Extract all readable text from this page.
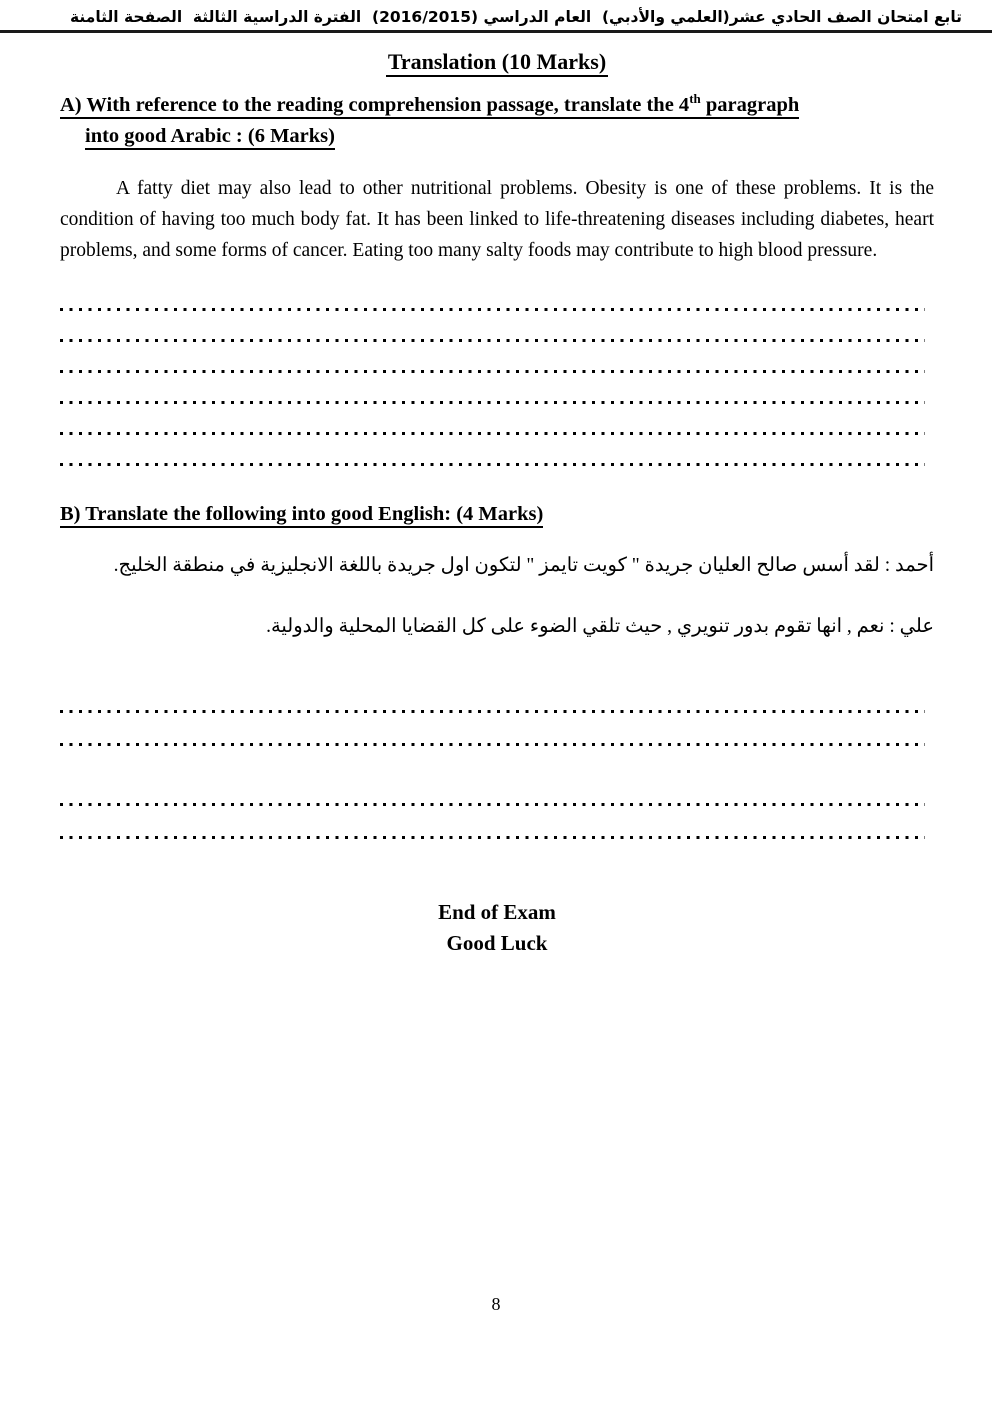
تابع امتحان الصف الحادي عشر(العلمي والأدبي)
العام الدراسي (2016/2015)
الفترة الدراسية الثالثة
الصفحة الثامنة
Translation (10 Marks)
A) With reference to the reading comprehension passage, translate the 4th paragraph
into good Arabic : (6 Marks)
A fatty diet may also lead to other nutritional problems. Obesity is one of these problems. It is the condition of having too much body fat. It has been linked to life-threatening diseases including diabetes, heart problems, and some forms of cancer. Eating too many salty foods may contribute to high blood pressure.
B) Translate the following into good English: (4 Marks)
أحمد : لقد أسس صالح العليان جريدة " كويت تايمز " لتكون اول جريدة باللغة الانجليزية في منطقة الخليج.
علي : نعم , انها تقوم بدور تنويري , حيث تلقي الضوء على كل القضايا المحلية والدولية.
End of Exam
Good Luck
8
